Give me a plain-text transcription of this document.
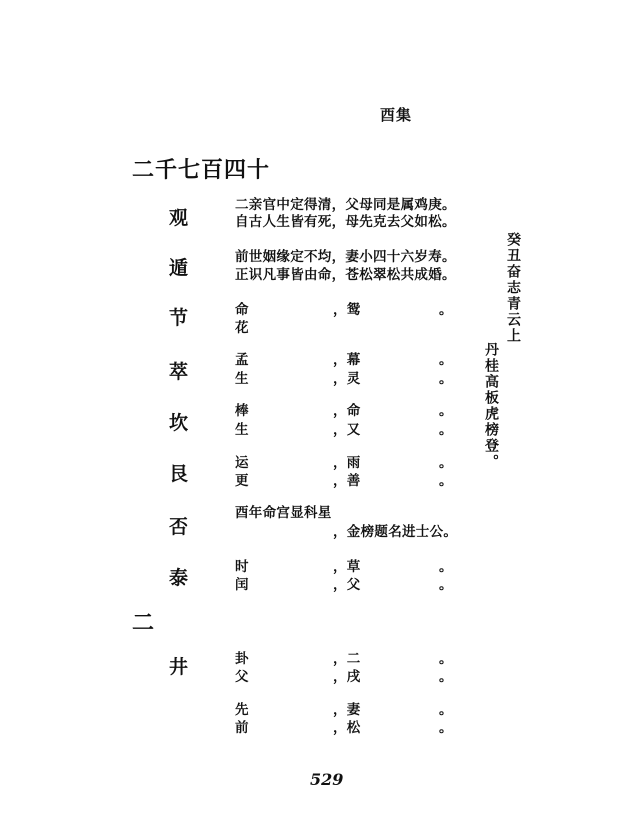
酉集
二千七百四十
观
二亲官中定得清，父母同是属鸡庚。
自古人生皆有死，母先克去父如松。
遁	前世姻缘定不均，妻小四十六岁寿。
正识凡事皆由命，苍松翠松共成婚。
节	命	，鸳	。
花
萃
孟	，幕	。
生	，灵	。
坎
棒	，命	。
生	，又	。
艮	运	，雨	。
更	，善	。
否
酉年命宫显科星
，金榜题名进士公。
泰	时	，草	。
闰	，父	。
二
井	卦	，二	。
父	，戌	。
先	，妻	。
前	，松	。
癸丑奋志青云上
丹桂高板虎榜登。
529
